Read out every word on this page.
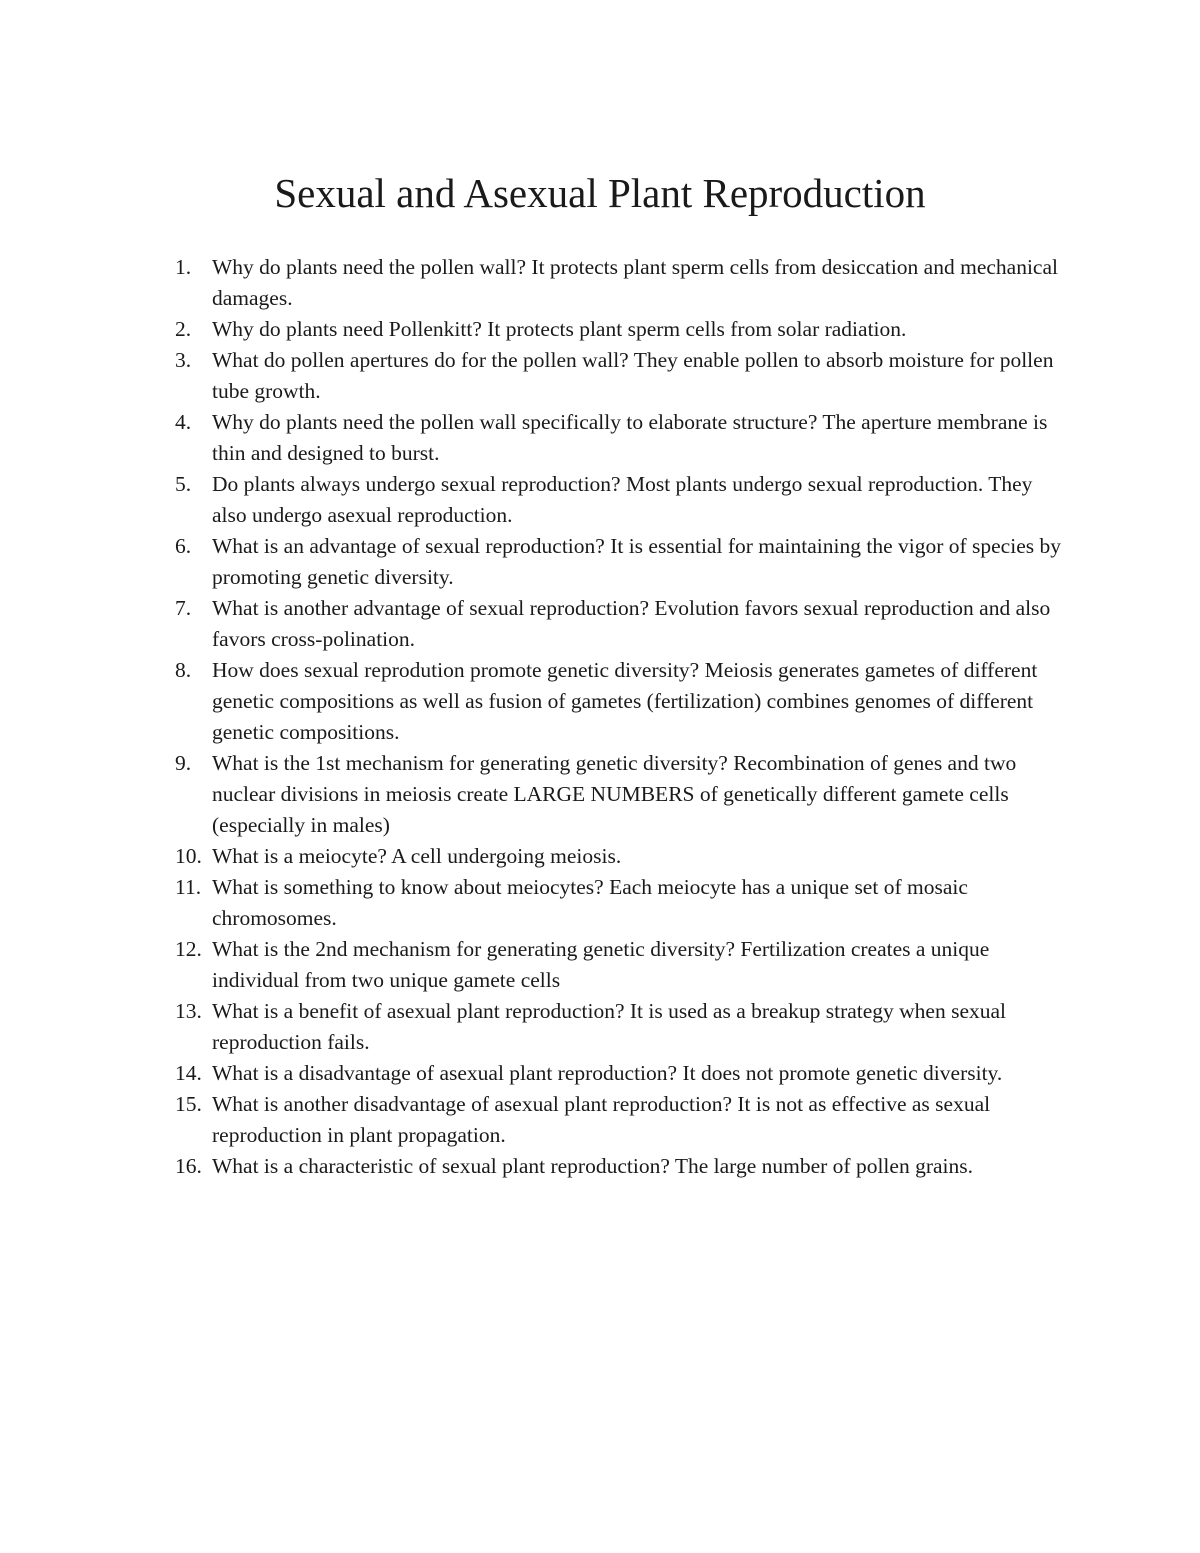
Sexual and Asexual Plant Reproduction
1. Why do plants need the pollen wall? It protects plant sperm cells from desiccation and mechanical damages.
2. Why do plants need Pollenkitt? It protects plant sperm cells from solar radiation.
3. What do pollen apertures do for the pollen wall? They enable pollen to absorb moisture for pollen tube growth.
4. Why do plants need the pollen wall specifically to elaborate structure? The aperture membrane is thin and designed to burst.
5. Do plants always undergo sexual reproduction? Most plants undergo sexual reproduction. They also undergo asexual reproduction.
6. What is an advantage of sexual reproduction? It is essential for maintaining the vigor of species by promoting genetic diversity.
7. What is another advantage of sexual reproduction? Evolution favors sexual reproduction and also favors cross-polination.
8. How does sexual reprodution promote genetic diversity? Meiosis generates gametes of different genetic compositions as well as fusion of gametes (fertilization) combines genomes of different genetic compositions.
9. What is the 1st mechanism for generating genetic diversity? Recombination of genes and two nuclear divisions in meiosis create LARGE NUMBERS of genetically different gamete cells (especially in males)
10. What is a meiocyte? A cell undergoing meiosis.
11. What is something to know about meiocytes? Each meiocyte has a unique set of mosaic chromosomes.
12. What is the 2nd mechanism for generating genetic diversity? Fertilization creates a unique individual from two unique gamete cells
13. What is a benefit of asexual plant reproduction? It is used as a breakup strategy when sexual reproduction fails.
14. What is a disadvantage of asexual plant reproduction? It does not promote genetic diversity.
15. What is another disadvantage of asexual plant reproduction? It is not as effective as sexual reproduction in plant propagation.
16. What is a characteristic of sexual plant reproduction? The large number of pollen grains.
